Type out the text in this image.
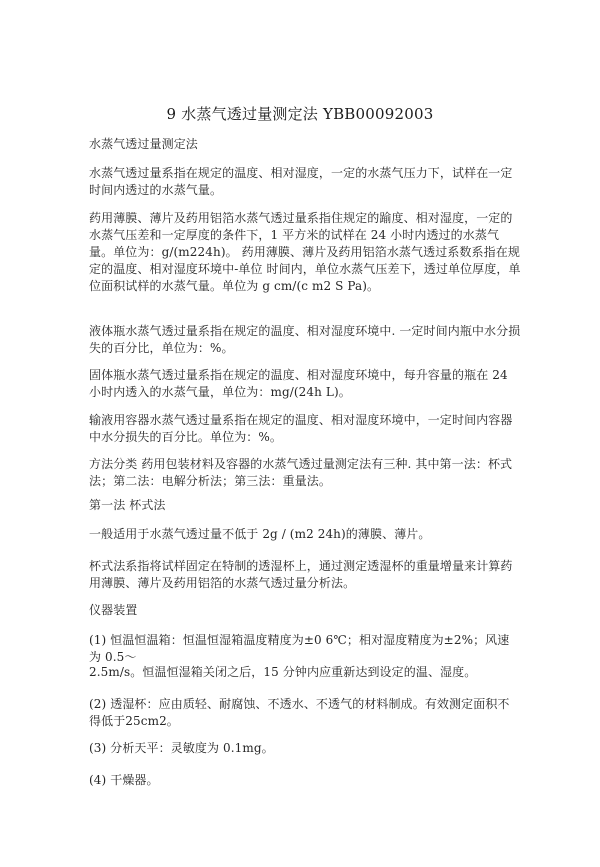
9 水蒸气透过量测定法 YBB00092003

水蒸气透过量测定法

水蒸气透过量系指在规定的温度、相对湿度，一定的水蒸气压力下，试样在一定时间内透过的水蒸气量。

药用薄膜、薄片及药用铝箔水蒸气透过量系指住规定的踰度、相对湿度，一定的水蒸气压差和一定厚度的条件下，1 平方米的试样在 24 小时内透过的水蒸气量。单位为：g/(m224h)。 药用薄膜、薄片及药用铝箔水蒸气透过系数系指在规定的温度、相对湿度环境中-单位 时间内，单位水蒸气压差下，透过单位厚度，单位面积试样的水蒸气量。单位为 g cm/(c m2 S Pa)。

液体瓶水蒸气透过量系指在规定的温度、相对湿度环境中. 一定时间内瓶中水分损失的百分比，单位为：%。

固体瓶水蒸气透过量系指在规定的温度、相对湿度环境中，每升容量的瓶在 24 小时内透入的水蒸气量，单位为：mg/(24h L)。

输液用容器水蒸气透过量系指在规定的温度、相对湿度环境中，一定时间内容器中水分损失的百分比。单位为：%。

方法分类 药用包装材料及容器的水蒸气透过量测定法有三种. 其中第一法：杯式法；第二法：电解分析法；第三法：重量法。

第一法 杯式法

一般适用于水蒸气透过量不低于 2g / (m2 24h)的薄膜、薄片。

杯式法系指将试样固定在特制的透湿杯上，通过测定透湿杯的重量增量来计算药用薄膜、薄片及药用铝箔的水蒸气透过量分析法。

仪器装置

(1) 恒温恒温箱：恒温恒湿箱温度精度为±0 6℃；相对湿度精度为±2%；风速为 0.5～

2.5m/s。恒温恒湿箱关闭之后，15 分钟内应重新达到设定的温、湿度。

(2) 透湿杯：应由质轻、耐腐蚀、不透水、不透气的材料制成。有效测定面积不得低于25cm2。

(3) 分析天平：灵敏度为 0.1mg。

(4) 干燥器。
